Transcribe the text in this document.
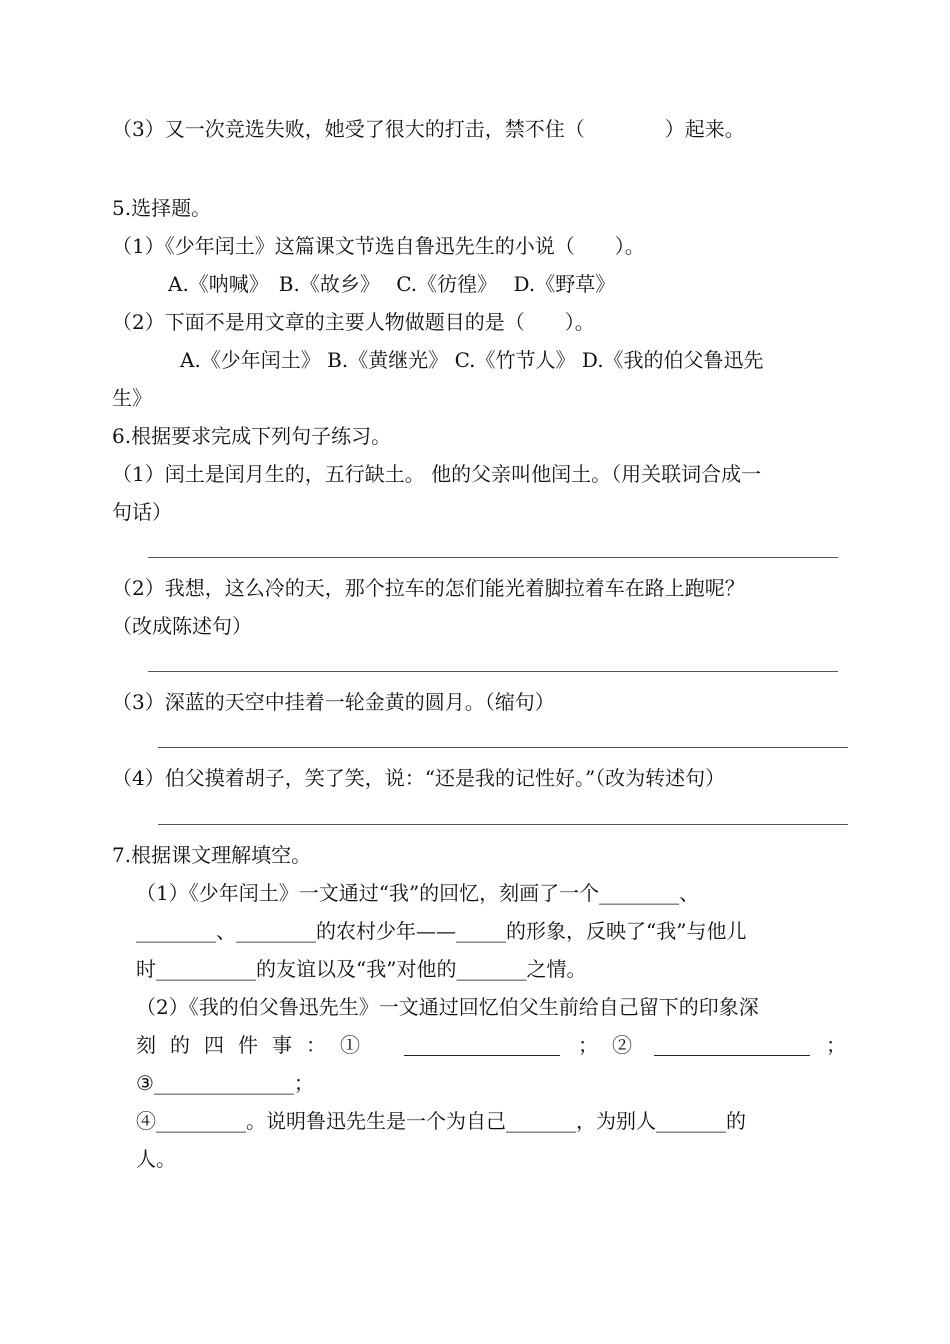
（3）又一次竞选失败，她受了很大的打击，禁不住（　　　　）起来。
5.选择题。
（1）《少年闰土》这篇课文节选自鲁迅先生的小说（　　）。
A.《呐喊》　B.《故乡》　 C.《彷徨》　 D.《野草》
（2）下面不是用文章的主要人物做题目的是（　　）。
A.《少年闰土》 B.《黄继光》 C.《竹节人》 D.《我的伯父鲁迅先
生》
6.根据要求完成下列句子练习。
（1）闰土是闰月生的，五行缺土。 他的父亲叫他闰土。（用关联词合成一
句话）
（2）我想，这么冷的天，那个拉车的怎们能光着脚拉着车在路上跑呢？
（改成陈述句）
（3）深蓝的天空中挂着一轮金黄的圆月。（缩句）
（4）伯父摸着胡子，笑了笑，说：“还是我的记性好。”（改为转述句）
7.根据课文理解填空。
（1）《少年闰土》一文通过“我”的回忆，刻画了一个________、
________、________的农村少年——_____的形象，反映了“我”与他儿
时__________的友谊以及“我”对他的_______之情。
（2）《我的伯父鲁迅先生》一文通过回忆伯父生前给自己留下的印象深
刻的四件事：①	；②	；
③______________；
④_________。说明鲁迅先生是一个为自己_______，为别人_______的
人。
